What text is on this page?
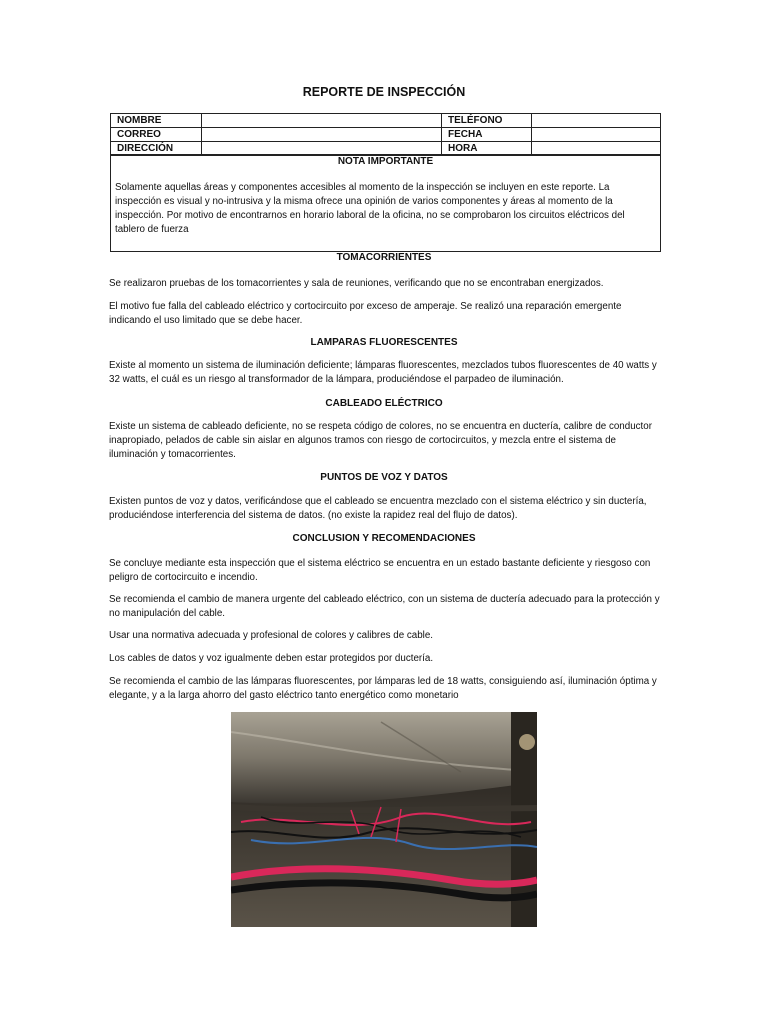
REPORTE DE INSPECCIÓN
NOMBRE		TELÉFONO	
CORREO		FECHA	
DIRECCIÓN		HORA	
NOTA IMPORTANTE
Solamente aquellas áreas y componentes accesibles al momento de la inspección se incluyen en este reporte. La inspección es visual y no-intrusiva y la misma ofrece una opinión de varios componentes y áreas al momento de la inspección. Por motivo de encontrarnos en horario laboral de la oficina, no se comprobaron los circuitos eléctricos del tablero de fuerza
TOMACORRIENTES

Se realizaron pruebas de los tomacorrientes y sala de reuniones, verificando que no se encontraban energizados.

El motivo fue falla del cableado eléctrico y cortocircuito por exceso de amperaje. Se realizó una reparación emergente indicando el uso limitado que se debe hacer.

LAMPARAS FLUORESCENTES

Existe al momento un sistema de iluminación deficiente; lámparas fluorescentes, mezclados tubos fluorescentes de 40 watts y 32 watts, el cuál es un riesgo al transformador de la lámpara, produciéndose el parpadeo de iluminación.

CABLEADO ELÉCTRICO

Existe un sistema de cableado deficiente, no se respeta código de colores, no se encuentra en ductería, calibre de conductor inapropiado, pelados de cable sin aislar en algunos tramos con riesgo de cortocircuitos, y mezcla entre el sistema de iluminación y tomacorrientes.

PUNTOS DE VOZ Y DATOS

Existen puntos de voz y datos, verificándose que el cableado se encuentra mezclado con el sistema eléctrico y sin ductería, produciéndose interferencia del sistema de datos. (no existe la rapidez real del flujo de datos).

CONCLUSION Y RECOMENDACIONES

Se concluye mediante esta inspección que el sistema eléctrico se encuentra en un estado bastante deficiente y riesgoso con peligro de cortocircuito e incendio.

Se recomienda el cambio de manera urgente del cableado eléctrico, con un sistema de ductería adecuado para la protección y no manipulación del cable.

Usar una normativa adecuada y profesional de colores y calibres de cable.

Los cables de datos y voz igualmente deben estar protegidos por ductería.

Se recomienda el cambio de las lámparas fluorescentes, por lámparas led de 18 watts, consiguiendo así, iluminación óptima y elegante, y a la larga ahorro del gasto eléctrico tanto energético como monetario
